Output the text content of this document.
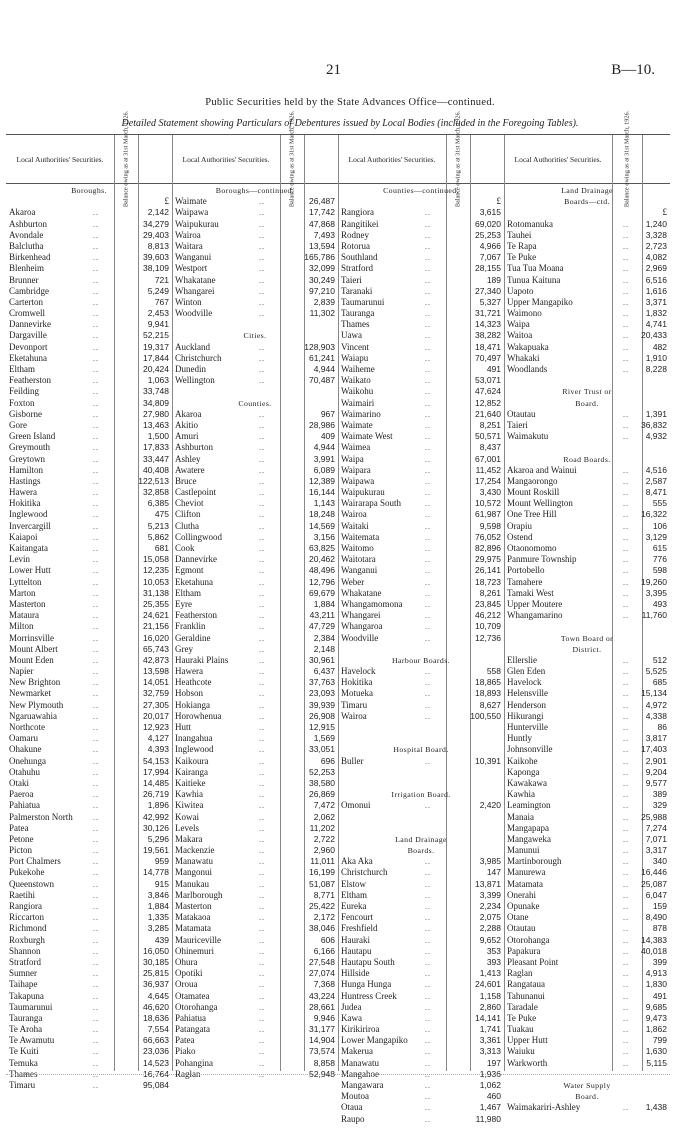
21	B—10.
Public Securities held by the State Advances Office—continued.
Detailed Statement showing Particulars of Debentures issued by Local Bodies (included in the Foregoing Tables).
Local Authorities' Securities.	Balance owing as at 31st March, 1926.	Local Authorities' Securities.	Balance owing as at 31st March, 1926.	Local Authorities' Securities.	Balance owing as at 31st March, 1926.	Local Authorities' Securities.	Balance owing as at 31st March, 1926.
Boroughs.
£
Akaroa	..	2,142
Ashburton	..	34,279
Avondale	..	29,403
Balclutha	..	8,813
Birkenhead	..	39,603
Blenheim	..	38,109
Brunner	..	721
Cambridge	..	5,249
Carterton	..	767
Cromwell	..	2,453
Dannevirke	..	9,941
Dargaville	..	52,215
Devonport	..	19,317
Eketahuna	..	17,844
Eltham	..	20,424
Featherston	..	1,063
Feilding	..	33,748
Foxton	..	34,809
Gisborne	..	27,980
Gore	..	13,463
Green Island	..	1,500
Greymouth	..	17,833
Greytown	..	33,447
Hamilton	..	40,408
Hastings	..	122,513
Hawera	..	32,858
Hokitika	..	6,385
Inglewood	..	475
Invercargill	..	5,213
Kaiapoi	..	5,862
Kaitangata	..	681
Levin	..	15,058
Lower Hutt	..	12,235
Lyttelton	..	10,053
Marton	..	31,138
Masterton	..	25,355
Mataura	..	24,621
Milton	..	21,156
Morrinsville	..	16,020
Mount Albert	..	65,743
Mount Eden	..	42,873
Napier	..	13,598
New Brighton	..	14,051
Newmarket	..	32,759
New Plymouth	..	27,305
Ngaruawahia	..	20,017
Northcote	..	12,923
Oamaru	..	4,127
Ohakune	..	4,393
Onehunga	..	54,153
Otahuhu	..	17,994
Otaki	..	14,485
Paeroa	..	26,719
Pahiatua	..	1,896
Palmerston North	..	42,992
Patea	..	30,126
Petone	..	5,296
Picton	..	19,561
Port Chalmers	..	959
Pukekohe	..	14,778
Queenstown	..	915
Raetihi	..	3,846
Rangiora	..	1,884
Riccarton	..	1,335
Richmond	..	3,285
Roxburgh	..	439
Shannon	..	16,050
Stratford	..	30,185
Sumner	..	25,815
Taihape	..	36,937
Takapuna	..	4,645
Taumarunui	..	46,620
Tauranga	..	18,636
Te Aroha	..	7,554
Te Awamutu	..	66,663
Te Kuiti	..	23,036
Temuka	..	14,523
Thames	..	16,764
Timaru	..	95,084
Boroughs—continued.
Waimate	..	26,487
Waipawa	..	17,742
Waipukurau	..	47,868
Wairoa	..	7,493
Waitara	..	13,594
Wanganui	..	165,786
Westport	..	32,099
Whakatane	..	30,249
Whangarei	..	97,210
Winton	..	2,839
Woodville	..	11,302
Cities.
Auckland	..	128,903
Christchurch	..	61,241
Dunedin	..	4,944
Wellington	..	70,487
Counties.
Akaroa	..	967
Akitio	..	28,986
Amuri	..	409
Ashburton	..	4,944
Ashley	..	3,991
Awatere	..	6,089
Bruce	..	12,389
Castlepoint	..	16,144
Cheviot	..	1,143
Clifton	..	18,248
Clutha	..	14,569
Collingwood	..	3,156
Cook	..	63,825
Dannevirke	..	20,462
Egmont	..	48,496
Eketahuna	..	12,796
Eltham	..	69,679
Eyre	..	1,884
Featherston	..	43,211
Franklin	..	47,729
Geraldine	..	2,384
Grey	..	2,148
Hauraki Plains	..	30,961
Hawera	..	6,437
Heathcote	..	37,763
Hobson	..	23,093
Hokianga	..	39,939
Horowhenua	..	26,908
Hutt	..	12,915
Inangahua	..	1,569
Inglewood	..	33,051
Kaikoura	..	696
Kairanga	..	52,253
Kaitieke	..	38,580
Kawhia	..	26,869
Kiwitea	..	7,472
Kowai	..	2,062
Levels	..	11,202
Makara	..	2,722
Mackenzie	..	2,960
Manawatu	..	11,011
Mangonui	..	16,199
Manukau	..	51,087
Marlborough	..	8,771
Masterton	..	25,422
Matakaoa	..	2,172
Matamata	..	38,046
Mauriceville	..	606
Ohinemuri	..	6,166
Ohura	..	27,548
Opotiki	..	27,074
Oroua	..	7,368
Otamatea	..	43,224
Otorohanga	..	28,661
Pahiatua	..	9,946
Patangata	..	31,177
Patea	..	14,904
Piako	..	73,574
Pohangina	..	8,858
Raglan	..	52,948
Counties—continued.
£
Rangiora	..	3,615
Rangitikei	..	69,020
Rodney	..	25,253
Rotorua	..	4,966
Southland	..	7,067
Stratford	..	28,155
Taieri	..	189
Taranaki	..	27,340
Taumarunui	..	5,327
Tauranga	..	31,721
Thames	..	14,323
Uawa	..	38,282
Vincent	..	18,471
Waiapu	..	70,497
Waiheme	..	491
Waikato	..	53,071
Waikohu	..	47,624
Waimairi	..	12,852
Waimarino	..	21,640
Waimate	..	8,251
Waimate West	..	50,571
Waimea	..	8,437
Waipa	..	67,001
Waipara	..	11,452
Waipawa	..	17,254
Waipukurau	..	3,430
Wairarapa South	..	10,572
Wairoa	..	61,987
Waitaki	..	9,598
Waitemata	..	76,052
Waitomo	..	82,896
Waitotara	..	29,975
Wanganui	..	26,141
Weber	..	18,723
Whakatane	..	8,261
Whangamomona	..	23,845
Whangarei	..	46,212
Whangaroa	..	10,709
Woodville	..	12,736
Harbour Boards.
Havelock	..	558
Hokitika	..	18,865
Motueka	..	18,893
Timaru	..	8,627
Wairoa	..	100,550
Hospital Board.
Buller	..	10,391
Irrigation Board.
Omonui	..	2,420
Land Drainage
Boards.
Aka Aka	..	3,985
Christchurch	..	147
Elstow	..	13,871
Eltham	..	3,399
Eureka	..	2,234
Fencourt	..	2,075
Freshfield	..	2,288
Hauraki	..	9,652
Hautapu	..	353
Hautapu South	..	393
Hillside	..	1,413
Hunga Hunga	..	24,601
Huntress Creek	..	1,158
Judea	..	2,860
Kawa	..	14,141
Kirikiriroa	..	1,741
Lower Mangapiko ..	3,361
Makerua	..	3,313
Manawatu	..	197
Mangahoe	..	1,936
Mangawara	..	1,062
Moutoa	..	460
Otaua	..	1,467
Raupo	..	11,980
Land Drainage
Boards—ctd.
£
Rotomanuka	.. 1,240
Tauhei	.. 3,328
Te Rapa	.. 2,723
Te Puke	.. 4,082
Tua Tua Moana	.. 2,969
Tunua Kaituna	.. 6,516
Uapoto	.. 1,616
Upper Mangapiko	.. 3,371
Waimono	.. 1,832
Waipa	.. 4,741
Waitoa	.. 20,433
Wakapuaka	..	482
Whakaki	.. 1,910
Woodlands	.. 8,228
River Trust or
Board.
Otautau	.. 1,391
Taieri	.. 36,832
Waimakutu	.. 4,932
Road Boards.
Akaroa and Wainui	.. 4,516
Mangaorongo	.. 2,587
Mount Roskill	.. 8,471
Mount Wellington	..	555
One Tree Hill	.. 16,322
Orapiu	..	106
Ostend	.. 3,129
Otaonomomo	..	615
Panmure Township	..	776
Portobello	..	598
Tamahere	.. 19,260
Tamaki West	.. 3,395
Upper Moutere	..	493
Whangamarino	.. 11,760
Town Board or
District.
Ellerslie	..	512
Glen Eden	.. 5,525
Havelock	..	685
Helensville	.. 15,134
Henderson	.. 4,972
Hikurangi	.. 4,338
Hunterville	..	86
Huntly	.. 3,817
Johnsonville	.. 17,403
Kaikohe	.. 2,901
Kaponga	.. 9,204
Kawakawa	.. 9,577
Kawhia	..	389
Leamington	..	329
Manaia	.. 25,988
Mangapapa	.. 7,274
Mangaweka	.. 7,071
Manunui	.. 3,317
Martinborough	..	340
Manurewa	.. 16,446
Matamata	.. 25,087
Onerahi	.. 6,047
Opunake	..	159
Otane	.. 8,490
Otautau	..	878
Otorohanga	.. 14,383
Papakura	.. 40,018
Pleasant Point	..	399
Raglan	.. 4,913
Rangataua	.. 1,830
Tahunanui	..	491
Taradale	.. 9,685
Te Puke	.. 9,473
Tuakau	.. 1,862
Upper Hutt	..	799
Waiuku	.. 1,630
Warkworth	.. 5,115
Water Supply
Board.
Waimakariri-Ashley	.. 1,438
